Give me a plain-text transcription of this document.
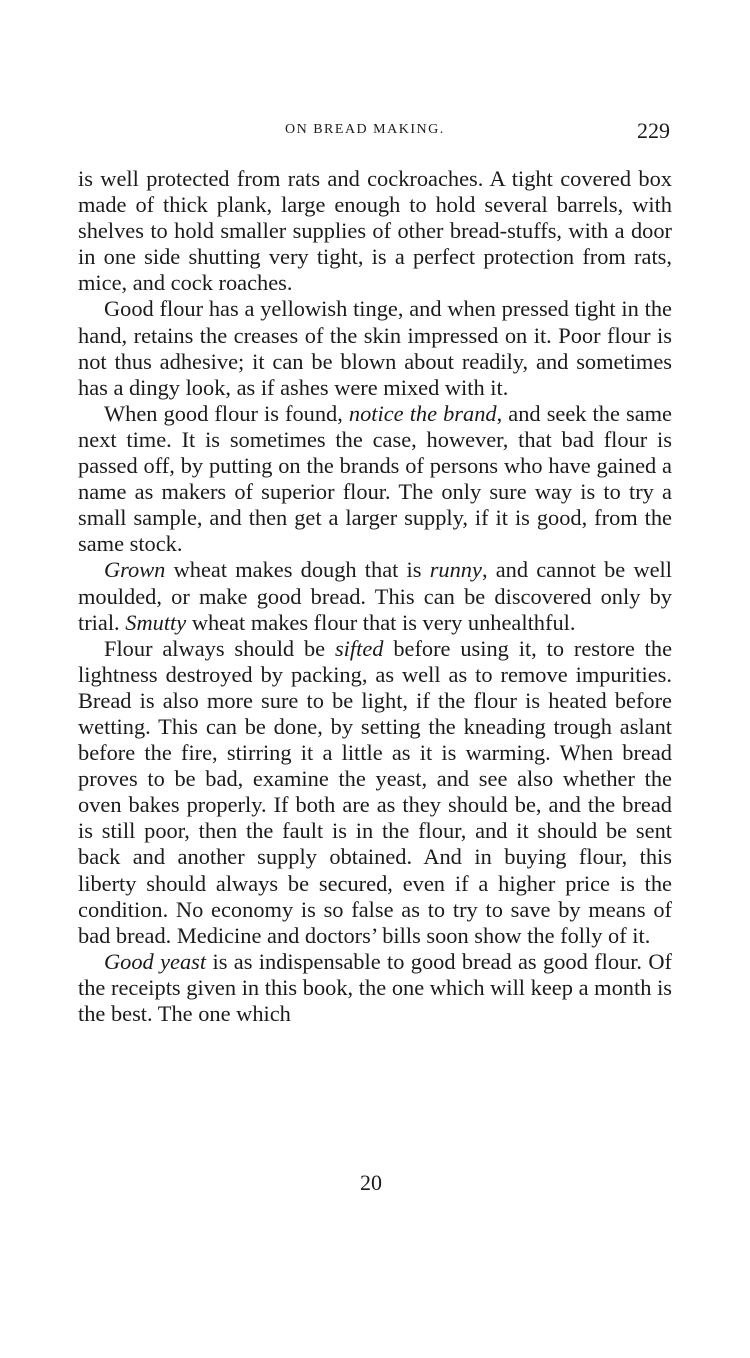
ON BREAD MAKING.	229

is well protected from rats and cockroaches. A tight covered box made of thick plank, large enough to hold several barrels, with shelves to hold smaller supplies of other bread-stuffs, with a door in one side shutting very tight, is a perfect protection from rats, mice, and cock roaches.

Good flour has a yellowish tinge, and when pressed tight in the hand, retains the creases of the skin impressed on it. Poor flour is not thus adhesive; it can be blown about readily, and sometimes has a dingy look, as if ashes were mixed with it.

When good flour is found, notice the brand, and seek the same next time. It is sometimes the case, however, that bad flour is passed off, by putting on the brands of persons who have gained a name as makers of superior flour. The only sure way is to try a small sample, and then get a larger supply, if it is good, from the same stock.

Grown wheat makes dough that is runny, and cannot be well moulded, or make good bread. This can be discovered only by trial. Smutty wheat makes flour that is very unhealthful.

Flour always should be sifted before using it, to restore the lightness destroyed by packing, as well as to remove impurities. Bread is also more sure to be light, if the flour is heated before wetting. This can be done, by setting the kneading trough aslant before the fire, stirring it a little as it is warming. When bread proves to be bad, examine the yeast, and see also whether the oven bakes properly. If both are as they should be, and the bread is still poor, then the fault is in the flour, and it should be sent back and another supply obtained. And in buying flour, this liberty should always be secured, even if a higher price is the condition. No economy is so false as to try to save by means of bad bread. Medicine and doctors’ bills soon show the folly of it.

Good yeast is as indispensable to good bread as good flour. Of the receipts given in this book, the one which will keep a month is the best. The one which

20
